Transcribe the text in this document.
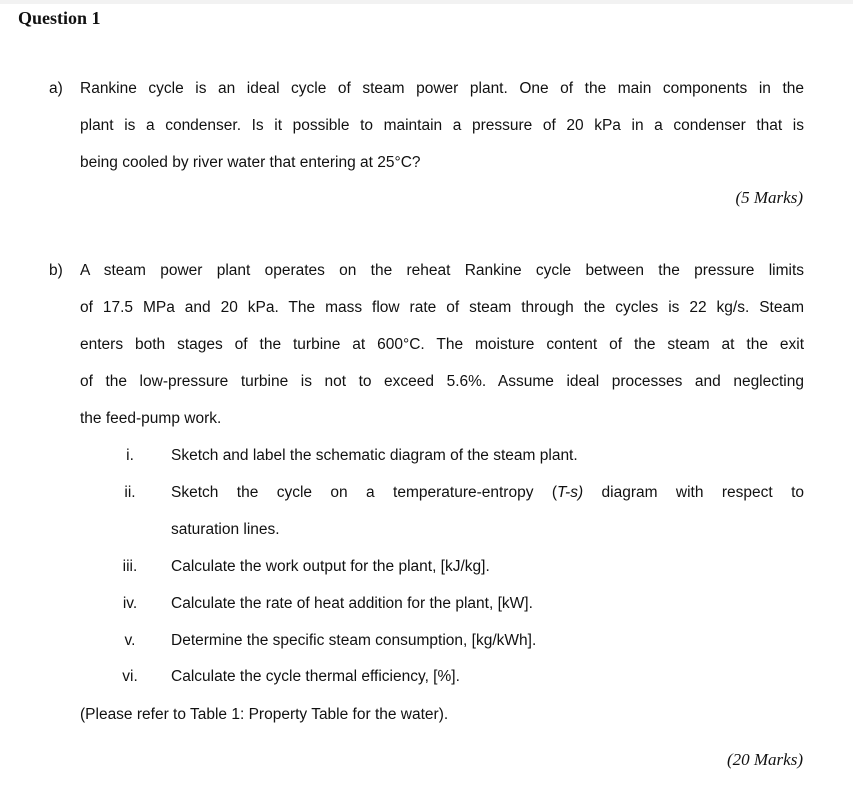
Question 1
a) Rankine cycle is an ideal cycle of steam power plant. One of the main components in the
plant is a condenser. Is it possible to maintain a pressure of 20 kPa in a condenser that is
being cooled by river water that entering at 25°C?
(5 Marks)
b) A steam power plant operates on the reheat Rankine cycle between the pressure limits
of 17.5 MPa and 20 kPa. The mass flow rate of steam through the cycles is 22 kg/s. Steam
enters both stages of the turbine at 600°C. The moisture content of the steam at the exit
of the low-pressure turbine is not to exceed 5.6%. Assume ideal processes and neglecting
the feed-pump work.
i.	Sketch and label the schematic diagram of the steam plant.
ii.	Sketch the cycle on a temperature-entropy (T-s) diagram with respect to
saturation lines.
iii.	Calculate the work output for the plant, [kJ/kg].
iv.	Calculate the rate of heat addition for the plant, [kW].
v.	Determine the specific steam consumption, [kg/kWh].
vi.	Calculate the cycle thermal efficiency, [%].
(Please refer to Table 1: Property Table for the water).
(20 Marks)
